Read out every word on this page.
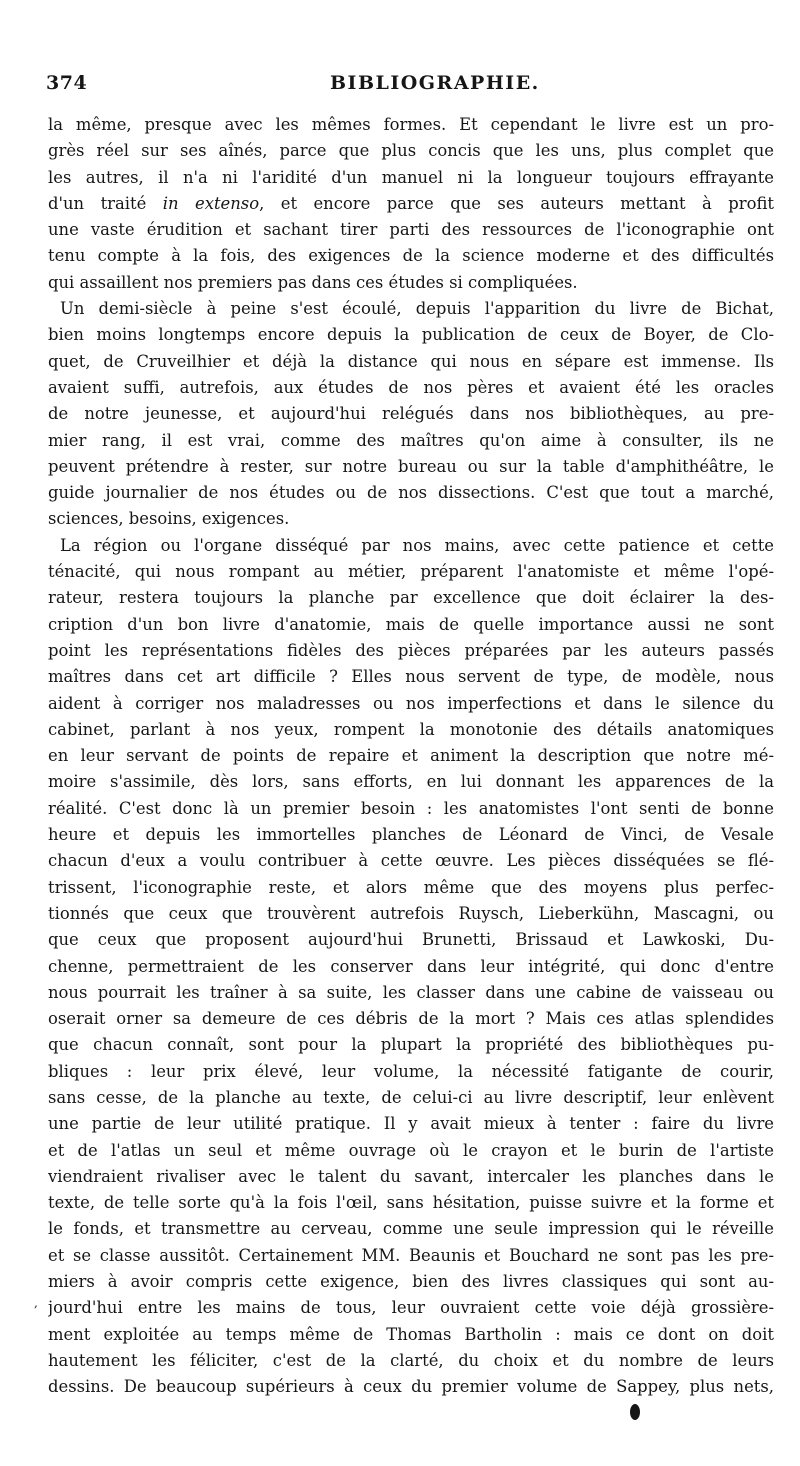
374	BIBLIOGRAPHIE.
la même, presque avec les mêmes formes. Et cependant le livre est un pro-
grès réel sur ses aînés, parce que plus concis que les uns, plus complet que
les autres, il n'a ni l'aridité d'un manuel ni la longueur toujours effrayante
d'un traité in extenso, et encore parce que ses auteurs mettant à profit
une vaste érudition et sachant tirer parti des ressources de l'iconographie ont
tenu compte à la fois, des exigences de la science moderne et des difficultés
qui assaillent nos premiers pas dans ces études si compliquées.
Un demi-siècle à peine s'est écoulé, depuis l'apparition du livre de Bichat,
bien moins longtemps encore depuis la publication de ceux de Boyer, de Clo-
quet, de Cruveilhier et déjà la distance qui nous en sépare est immense. Ils
avaient suffi, autrefois, aux études de nos pères et avaient été les oracles
de notre jeunesse, et aujourd'hui relégués dans nos bibliothèques, au pre-
mier rang, il est vrai, comme des maîtres qu'on aime à consulter, ils ne
peuvent prétendre à rester, sur notre bureau ou sur la table d'amphithéâtre, le
guide journalier de nos études ou de nos dissections. C'est que tout a marché,
sciences, besoins, exigences.
La région ou l'organe disséqué par nos mains, avec cette patience et cette
ténacité, qui nous rompant au métier, préparent l'anatomiste et même l'opé-
rateur, restera toujours la planche par excellence que doit éclairer la des-
cription d'un bon livre d'anatomie, mais de quelle importance aussi ne sont
point les représentations fidèles des pièces préparées par les auteurs passés
maîtres dans cet art difficile ? Elles nous servent de type, de modèle, nous
aident à corriger nos maladresses ou nos imperfections et dans le silence du
cabinet, parlant à nos yeux, rompent la monotonie des détails anatomiques
en leur servant de points de repaire et animent la description que notre mé-
moire s'assimile, dès lors, sans efforts, en lui donnant les apparences de la
réalité. C'est donc là un premier besoin : les anatomistes l'ont senti de bonne
heure et depuis les immortelles planches de Léonard de Vinci, de Vesale
chacun d'eux a voulu contribuer à cette œuvre. Les pièces disséquées se flé-
trissent, l'iconographie reste, et alors même que des moyens plus perfec-
tionnés que ceux que trouvèrent autrefois Ruysch, Lieberkühn, Mascagni, ou
que ceux que proposent aujourd'hui Brunetti, Brissaud et Lawkoski, Du-
chenne, permettraient de les conserver dans leur intégrité, qui donc d'entre
nous pourrait les traîner à sa suite, les classer dans une cabine de vaisseau ou
oserait orner sa demeure de ces débris de la mort ? Mais ces atlas splendides
que chacun connaît, sont pour la plupart la propriété des bibliothèques pu-
bliques : leur prix élevé, leur volume, la nécessité fatigante de courir,
sans cesse, de la planche au texte, de celui-ci au livre descriptif, leur enlèvent
une partie de leur utilité pratique. Il y avait mieux à tenter : faire du livre
et de l'atlas un seul et même ouvrage où le crayon et le burin de l'artiste
viendraient rivaliser avec le talent du savant, intercaler les planches dans le
texte, de telle sorte qu'à la fois l'œil, sans hésitation, puisse suivre et la forme et
le fonds, et transmettre au cerveau, comme une seule impression qui le réveille
et se classe aussitôt. Certainement MM. Beaunis et Bouchard ne sont pas les pre-
miers à avoir compris cette exigence, bien des livres classiques qui sont au-
jourd'hui entre les mains de tous, leur ouvraient cette voie déjà grossière-
ment exploitée au temps même de Thomas Bartholin : mais ce dont on doit
hautement les féliciter, c'est de la clarté, du choix et du nombre de leurs
dessins. De beaucoup supérieurs à ceux du premier volume de Sappey, plus nets,
,
